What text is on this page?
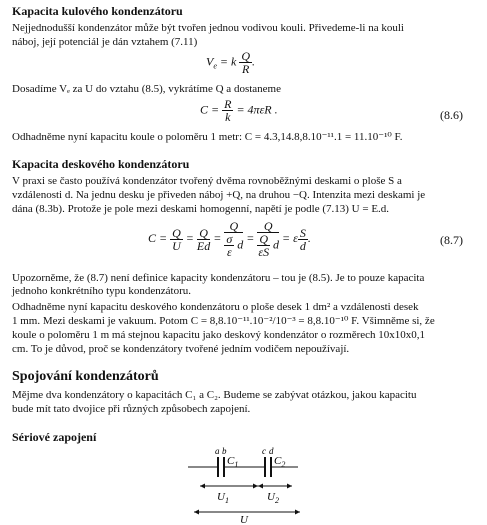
Kapacita kulového kondenzátoru
Nejjednodušší kondenzátor může být tvořen jednou vodivou kouli. Přivedeme-li na kouli
náboj, její potenciál je dán vztahem (7.11)
$V_e = k \frac{Q}{R}$ .
Dosadíme Vₑ za U do vztahu (8.5), vykrátíme Q a dostaneme
$C = \frac{R}{k} = 4\pi\varepsilon R$ .	(8.6)
Odhadněme nyní kapacitu koule o poloměru 1 metr: C = 4.3,14.8,8.10⁻¹¹.1 = 11.10⁻¹⁰ F.
Kapacita deskového kondenzátoru
V praxi se často používá kondenzátor tvořený dvěma rovnoběžnými deskami o ploše S a
vzdálenosti d. Na jednu desku je přiveden náboj +Q, na druhou −Q. Intenzita mezi deskami je
dána (8.3b). Protože je pole mezi deskami homogenní, napětí je podle (7.13) U = E.d.
$C = \frac{Q}{U} = \frac{Q}{Ed} = \frac{Q}{\frac{\sigma}{\varepsilon} d} = \frac{Q}{\frac{Q}{\varepsilon S} d} = \varepsilon \frac{S}{d}$ .	(8.7)
Upozorněme, že (8.7) není definice kapacity kondenzátoru – tou je (8.5). Je to pouze kapacita
jednoho konkrétního typu kondenzátoru.
Odhadněme nyní kapacitu deskového kondenzátoru o ploše desek 1 dm² a vzdálenosti desek
1 mm. Mezi deskami je vakuum. Potom C = 8,8.10⁻¹¹.10⁻²/10⁻³ = 8,8.10⁻¹⁰ F. Všimněme si, že
koule o poloměru 1 m má stejnou kapacitu jako deskový kondenzátor o rozměrech 10x10x0,1
cm. To je důvod, proč se kondenzátory tvořené jedním vodičem nepoužívají.
Spojování kondenzátorů
Mějme dva kondenzátory o kapacitách C₁ a C₂. Budeme se zabývat otázkou, jakou kapacitu
bude mít tato dvojice při různých způsobech zapojení.
Sériové zapojení
a b	c d
$C_1$	$C_2$
$U_1$	$U_2$
U
